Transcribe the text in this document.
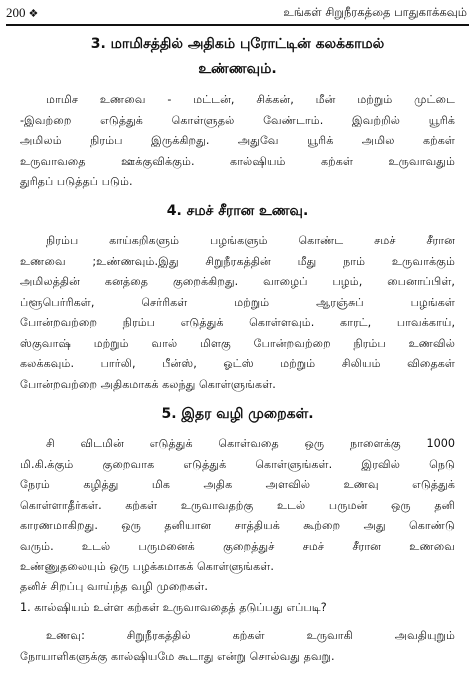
200 ❖	உங்கள் சிறுநீரகத்தை பாதுகாக்கவும்
3. மாமிசத்தில் அதிகம் புரோட்டின் கலக்காமல்
உண்ணவும்.
மாமிச உணவை - மட்டன், சிக்கன், மீன் மற்றும் முட்டை
-இவற்றை எடுத்துக் கொள்ளுதல் வேண்டாம். இவற்றில் யூரிக்
அமிலம் நிரம்ப இருக்கிறது. அதுவே யூரிக் அமில கற்கள்
உருவாவதை ஊக்குவிக்கும். கால்ஷியம் கற்கள் உருவாவதும்
துரிதப் படுத்தப் படும்.
4. சமச் சீரான உணவு.
நிரம்ப காய்கறிகளும் பழங்களும் கொண்ட சமச் சீரான
உணவை ;உண்ணவும்.இது சிறுநீரகத்தின் மீது நாம் உருவாக்கும்
அமிலத்தின் கனத்தை குறைக்கிறது. வாழைப் பழம், பைனாப்பிள்,
ப்ளூபெர்ரிகள், செர்ரிகள் மற்றும் ஆரஞ்சுப் பழங்கள்
போன்றவற்றை நிரம்ப எடுத்துக் கொள்ளவும். காரட், பாவக்காய்,
ஸ்குவாஷ் மற்றும் வால் மிளகு போன்றவற்றை நிரம்ப உணவில்
கலக்கவும். பார்லி, பீன்ஸ், ஓட்ஸ் மற்றும் சிலியம் விதைகள்
போன்றவற்றை அதிகமாகக் கலந்து கொள்ளுங்கள்.
5. இதர வழி முறைகள்.
சி விடமின் எடுத்துக் கொள்வதை ஒரு நாளைக்கு 1000
மி.கி.க்கும் குறைவாக எடுத்துக் கொள்ளுங்கள். இரவில் நெடு
நேரம் கழித்து மிக அதிக அளவில் உணவு எடுத்துக்
கொள்ளாதீர்கள். கற்கள் உருவாவதற்கு உடல் பருமன் ஒரு தனி
காரணமாகிறது. ஒரு தனியான சாத்தியக் கூற்றை அது கொண்டு
வரும். உடல் பருமனைக் குறைத்துச் சமச் சீரான உணவை
உண்ணுதலையும் ஒரு பழக்கமாகக் கொள்ளுங்கள்.
தனிச் சிறப்பு வாய்ந்த வழி முறைகள்.
1. கால்ஷியம் உள்ள கற்கள் உருவாவதைத் தடுப்பது எப்படி?
உணவு: சிறுநீரகத்தில் கற்கள் உருவாகி அவதியுறும்
நோயாளிகளுக்கு கால்ஷியமே கூடாது என்று சொல்வது தவறு.
